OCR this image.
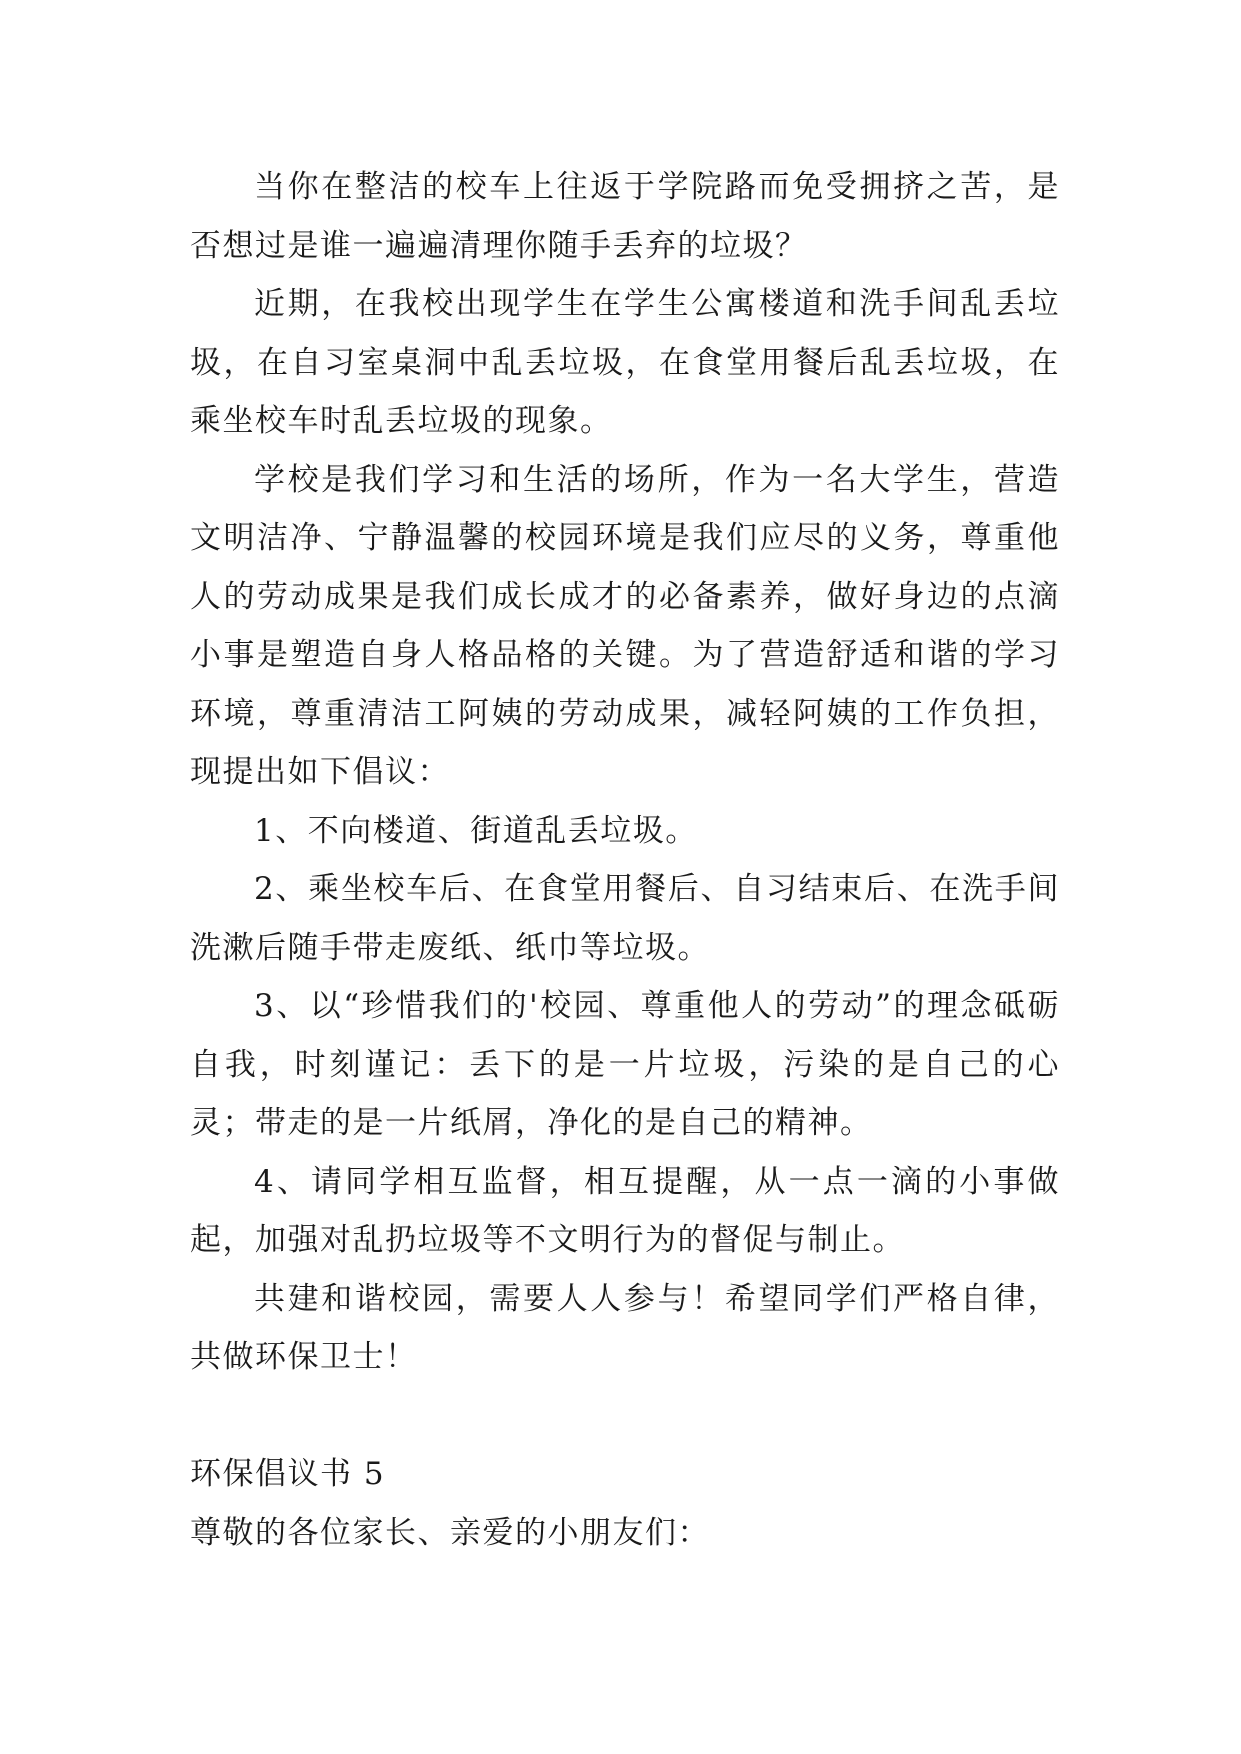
当你在整洁的校车上往返于学院路而免受拥挤之苦，是否想过是谁一遍遍清理你随手丢弃的垃圾？

近期，在我校出现学生在学生公寓楼道和洗手间乱丢垃圾，在自习室桌洞中乱丢垃圾，在食堂用餐后乱丢垃圾，在乘坐校车时乱丢垃圾的现象。

学校是我们学习和生活的场所，作为一名大学生，营造文明洁净、宁静温馨的校园环境是我们应尽的义务，尊重他人的劳动成果是我们成长成才的必备素养，做好身边的点滴小事是塑造自身人格品格的关键。为了营造舒适和谐的学习环境，尊重清洁工阿姨的劳动成果，减轻阿姨的工作负担，现提出如下倡议：

1、不向楼道、街道乱丢垃圾。

2、乘坐校车后、在食堂用餐后、自习结束后、在洗手间洗漱后随手带走废纸、纸巾等垃圾。

3、以“珍惜我们的'校园、尊重他人的劳动”的理念砥砺自我，时刻谨记：丢下的是一片垃圾，污染的是自己的心灵；带走的是一片纸屑，净化的是自己的精神。

4、请同学相互监督，相互提醒，从一点一滴的小事做起，加强对乱扔垃圾等不文明行为的督促与制止。

共建和谐校园，需要人人参与！希望同学们严格自律，共做环保卫士！

环保倡议书 5

尊敬的各位家长、亲爱的小朋友们：
